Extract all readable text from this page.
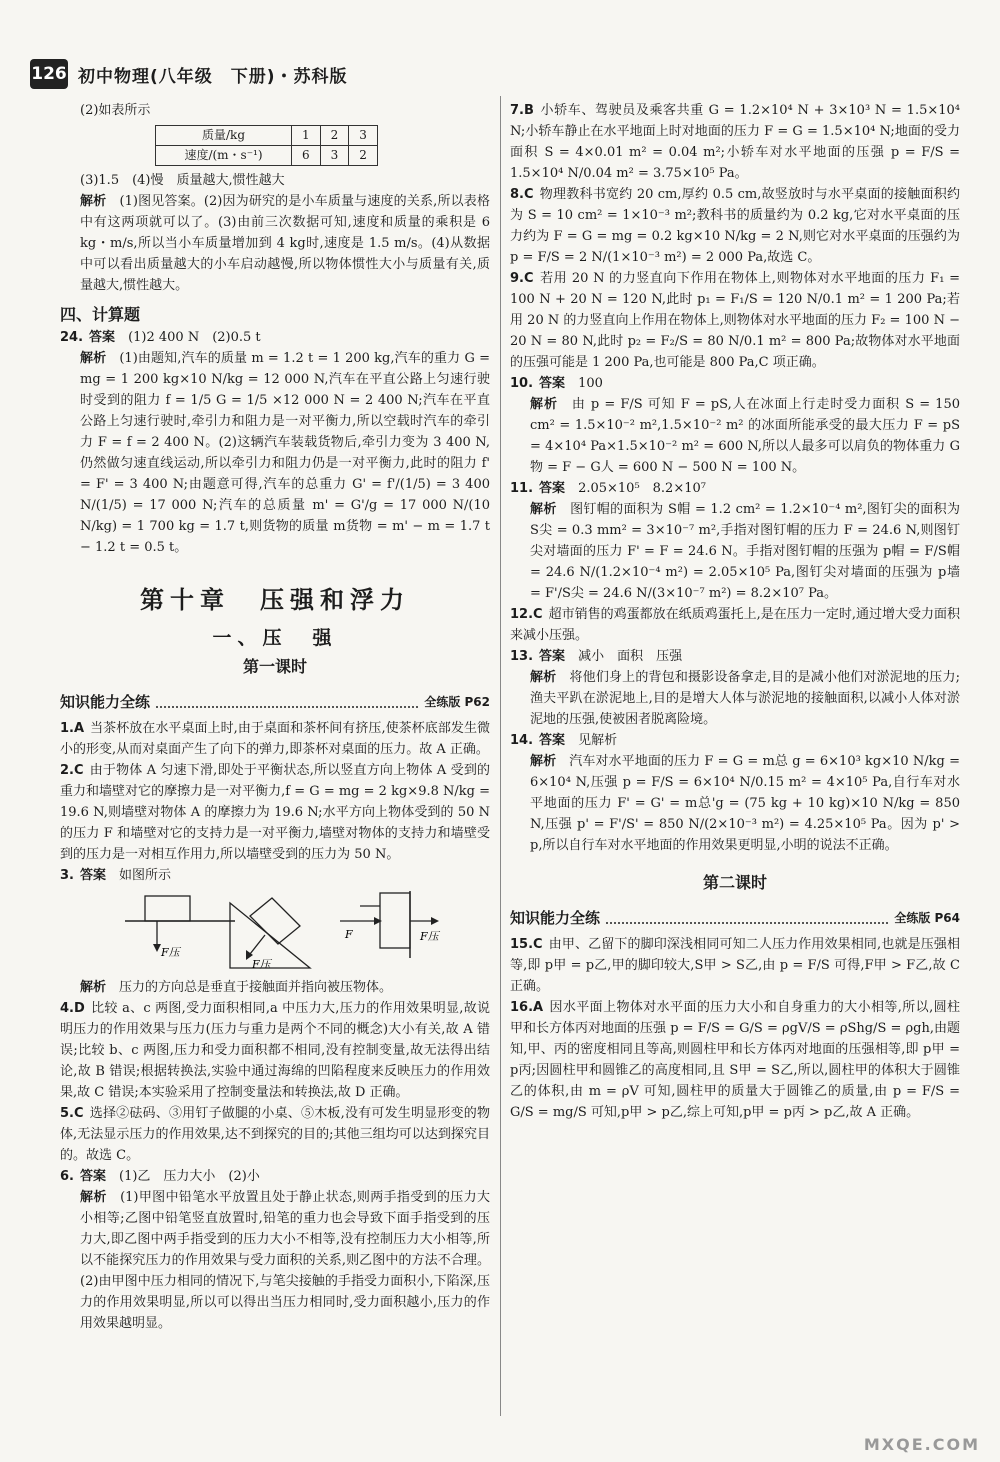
126 初中物理(八年级　下册)・苏科版

(2)如表所示

质量/kg	1	2	3
速度/(m・s⁻¹)	6	3	2

(3)1.5　(4)慢　质量越大,惯性越大

解析　 (1)图见答案。(2)因为研究的是小车质量与速度的关系,所以表格中有这两项就可以了。(3)由前三次数据可知,速度和质量的乘积是 6 kg・m/s,所以当小车质量增加到 4 kg时,速度是 1.5 m/s。(4)从数据中可以看出质量越大的小车启动越慢,所以物体惯性大小与质量有关,质量越大,惯性越大。

四、计算题

24. 答案　 (1)2 400 N　(2)0.5 t

解析　 (1)由题知,汽车的质量 m = 1.2 t = 1 200 kg,汽车的重力 G = mg = 1 200 kg×10 N/kg = 12 000 N,汽车在平直公路上匀速行驶时受到的阻力 f = 1/5 G = 1/5 ×12 000 N = 2 400 N;汽车在平直公路上匀速行驶时,牵引力和阻力是一对平衡力,所以空载时汽车的牵引力 F = f = 2 400 N。(2)这辆汽车装载货物后,牵引力变为 3 400 N,仍然做匀速直线运动,所以牵引力和阻力仍是一对平衡力,此时的阻力 f' = F' = 3 400 N;由题意可得,汽车的总重力 G' = f'/(1/5) = 3 400 N/(1/5) = 17 000 N;汽车的总质量 m' = G'/g = 17 000 N/(10 N/kg) = 1 700 kg = 1.7 t,则货物的质量 m货物 = m' − m = 1.7 t − 1.2 t = 0.5 t。

第十章　压强和浮力
一、压　强
第一课时
知识能力全练	全练版 P62

1.A 当茶杯放在水平桌面上时,由于桌面和茶杯间有挤压,使茶杯底部发生微小的形变,从而对桌面产生了向下的弹力,即茶杯对桌面的压力。故 A 正确。

2.C 由于物体 A 匀速下滑,即处于平衡状态,所以竖直方向上物体 A 受到的重力和墙壁对它的摩擦力是一对平衡力,f = G = mg = 2 kg×9.8 N/kg = 19.6 N,则墙壁对物体 A 的摩擦力为 19.6 N;水平方向上物体受到的 50 N 的压力 F 和墙壁对它的支持力是一对平衡力,墙壁对物体的支持力和墙壁受到的压力是一对相互作用力,所以墙壁受到的压力为 50 N。

3. 答案　 如图所示

F压
F压
F	F压

解析　 压力的方向总是垂直于接触面并指向被压物体。

4.D 比较 a、c 两图,受力面积相同,a 中压力大,压力的作用效果明显,故说明压力的作用效果与压力(压力与重力是两个不同的概念)大小有关,故 A 错误;比较 b、c 两图,压力和受力面积都不相同,没有控制变量,故无法得出结论,故 B 错误;根据转换法,实验中通过海绵的凹陷程度来反映压力的作用效果,故 C 错误;本实验采用了控制变量法和转换法,故 D 正确。

5.C 选择②砝码、③用钉子做腿的小桌、⑤木板,没有可发生明显形变的物体,无法显示压力的作用效果,达不到探究的目的;其他三组均可以达到探究目的。故选 C。

6. 答案　 (1)乙　压力大小　(2)小

解析　 (1)甲图中铅笔水平放置且处于静止状态,则两手指受到的压力大小相等;乙图中铅笔竖直放置时,铅笔的重力也会导致下面手指受到的压力大,即乙图中两手指受到的压力大小不相等,没有控制压力大小相等,所以不能探究压力的作用效果与受力面积的关系,则乙图中的方法不合理。(2)由甲图中压力相同的情况下,与笔尖接触的手指受力面积小,下陷深,压力的作用效果明显,所以可以得出当压力相同时,受力面积越小,压力的作用效果越明显。

7.B 小轿车、驾驶员及乘客共重 G = 1.2×10⁴ N + 3×10³ N = 1.5×10⁴ N;小轿车静止在水平地面上时对地面的压力 F = G = 1.5×10⁴ N;地面的受力面积 S = 4×0.01 m² = 0.04 m²;小轿车对水平地面的压强 p = F/S = 1.5×10⁴ N/0.04 m² = 3.75×10⁵ Pa。

8.C 物理教科书宽约 20 cm,厚约 0.5 cm,故竖放时与水平桌面的接触面积约为 S = 10 cm² = 1×10⁻³ m²;教科书的质量约为 0.2 kg,它对水平桌面的压力约为 F = G = mg = 0.2 kg×10 N/kg = 2 N,则它对水平桌面的压强约为 p = F/S = 2 N/(1×10⁻³ m²) = 2 000 Pa,故选 C。

9.C 若用 20 N 的力竖直向下作用在物体上,则物体对水平地面的压力 F₁ = 100 N + 20 N = 120 N,此时 p₁ = F₁/S = 120 N/0.1 m² = 1 200 Pa;若用 20 N 的力竖直向上作用在物体上,则物体对水平地面的压力 F₂ = 100 N − 20 N = 80 N,此时 p₂ = F₂/S = 80 N/0.1 m² = 800 Pa;故物体对水平地面的压强可能是 1 200 Pa,也可能是 800 Pa,C 项正确。

10. 答案　 100

解析　 由 p = F/S 可知 F = pS,人在冰面上行走时受力面积 S = 150 cm² = 1.5×10⁻² m²,1.5×10⁻² m² 的冰面所能承受的最大压力 F = pS = 4×10⁴ Pa×1.5×10⁻² m² = 600 N,所以人最多可以肩负的物体重力 G物 = F − G人 = 600 N − 500 N = 100 N。

11. 答案　 2.05×10⁵　8.2×10⁷

解析　 图钉帽的面积为 S帽 = 1.2 cm² = 1.2×10⁻⁴ m²,图钉尖的面积为 S尖 = 0.3 mm² = 3×10⁻⁷ m²,手指对图钉帽的压力 F = 24.6 N,则图钉尖对墙面的压力 F' = F = 24.6 N。手指对图钉帽的压强为 p帽 = F/S帽 = 24.6 N/(1.2×10⁻⁴ m²) = 2.05×10⁵ Pa,图钉尖对墙面的压强为 p墙 = F'/S尖 = 24.6 N/(3×10⁻⁷ m²) = 8.2×10⁷ Pa。

12.C 超市销售的鸡蛋都放在纸质鸡蛋托上,是在压力一定时,通过增大受力面积来减小压强。

13. 答案　 减小　面积　压强

解析　 将他们身上的背包和摄影设备拿走,目的是减小他们对淤泥地的压力;渔夫平趴在淤泥地上,目的是增大人体与淤泥地的接触面积,以减小人体对淤泥地的压强,使被困者脱离险境。

14. 答案　 见解析

解析　 汽车对水平地面的压力 F = G = m总 g = 6×10³ kg×10 N/kg = 6×10⁴ N,压强 p = F/S = 6×10⁴ N/0.15 m² = 4×10⁵ Pa,自行车对水平地面的压力 F' = G' = m总'g = (75 kg + 10 kg)×10 N/kg = 850 N,压强 p' = F'/S' = 850 N/(2×10⁻³ m²) = 4.25×10⁵ Pa。因为 p' > p,所以自行车对水平地面的作用效果更明显,小明的说法不正确。

第二课时
知识能力全练	全练版 P64

15.C 由甲、乙留下的脚印深浅相同可知二人压力作用效果相同,也就是压强相等,即 p甲 = p乙,甲的脚印较大,S甲 > S乙,由 p = F/S 可得,F甲 > F乙,故 C 正确。

16.A 因水平面上物体对水平面的压力大小和自身重力的大小相等,所以,圆柱甲和长方体丙对地面的压强 p = F/S = G/S = ρgV/S = ρShg/S = ρgh,由题知,甲、丙的密度相同且等高,则圆柱甲和长方体丙对地面的压强相等,即 p甲 = p丙;因圆柱甲和圆锥乙的高度相同,且 S甲 = S乙,所以,圆柱甲的体积大于圆锥乙的体积,由 m = ρV 可知,圆柱甲的质量大于圆锥乙的质量,由 p = F/S = G/S = mg/S 可知,p甲 > p乙,综上可知,p甲 = p丙 > p乙,故 A 正确。

MXQE.COM
